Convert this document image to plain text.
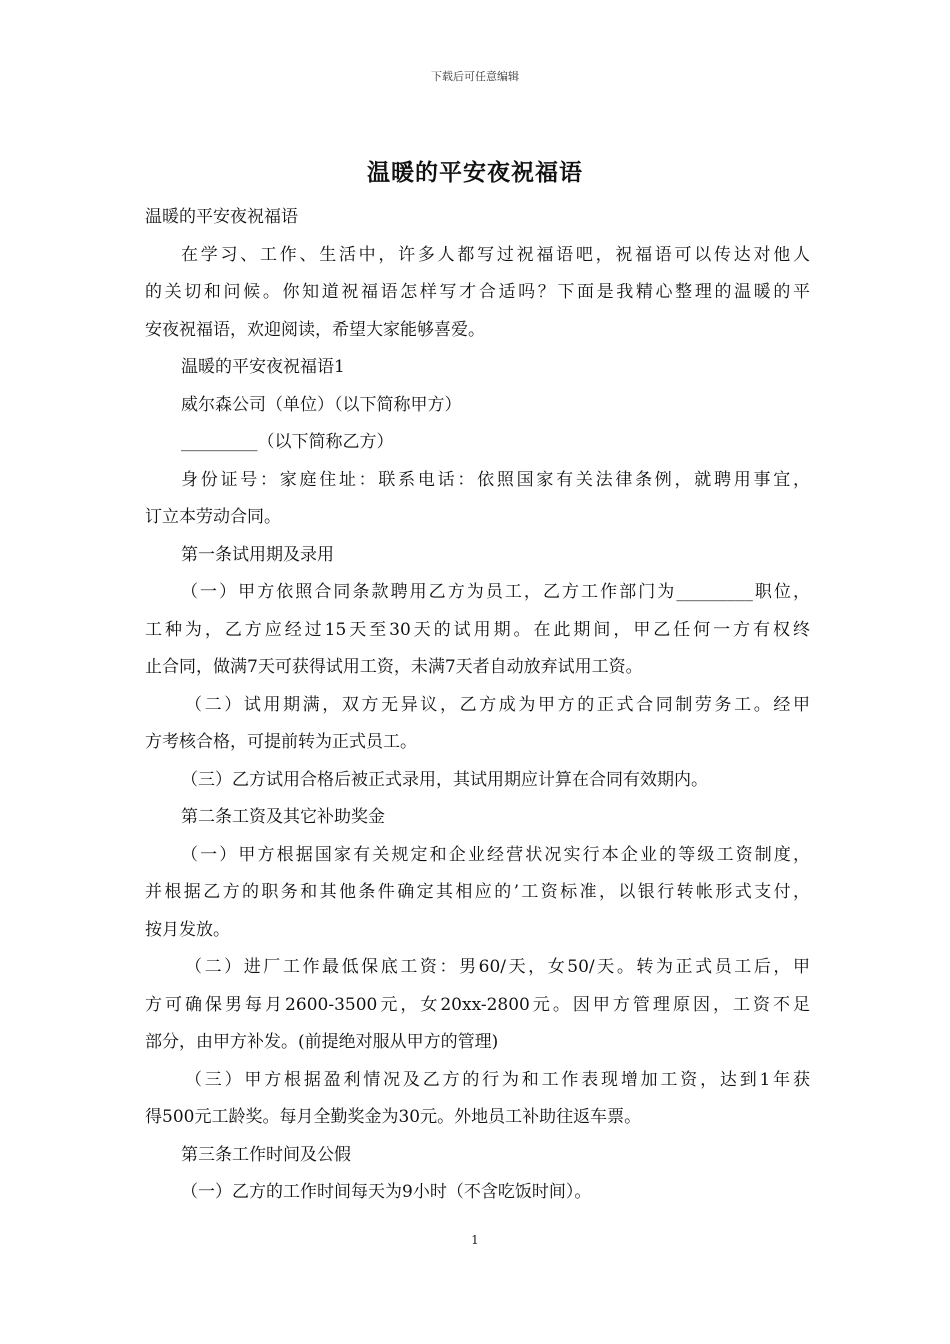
下载后可任意编辑
温暖的平安夜祝福语
温暖的平安夜祝福语
在学习、工作、生活中，许多人都写过祝福语吧，祝福语可以传达对他人
的关切和问候。你知道祝福语怎样写才合适吗？下面是我精心整理的温暖的平
安夜祝福语，欢迎阅读，希望大家能够喜爱。
温暖的平安夜祝福语1
威尔森公司（单位）（以下简称甲方）
_________（以下简称乙方）
身份证号：家庭住址：联系电话：依照国家有关法律条例，就聘用事宜，
订立本劳动合同。
第一条试用期及录用
（一）甲方依照合同条款聘用乙方为员工，乙方工作部门为_________职位，
工种为，乙方应经过15天至30天的试用期。在此期间，甲乙任何一方有权终
止合同，做满7天可获得试用工资，未满7天者自动放弃试用工资。
（二）试用期满，双方无异议，乙方成为甲方的正式合同制劳务工。经甲
方考核合格，可提前转为正式员工。
（三）乙方试用合格后被正式录用，其试用期应计算在合同有效期内。
第二条工资及其它补助奖金
（一）甲方根据国家有关规定和企业经营状况实行本企业的等级工资制度，
并根据乙方的职务和其他条件确定其相应的’工资标准，以银行转帐形式支付，
按月发放。
（二）进厂工作最低保底工资：男60/天，女50/天。转为正式员工后，甲
方可确保男每月2600-3500元，女20xx-2800元。因甲方管理原因，工资不足
部分，由甲方补发。(前提绝对服从甲方的管理)
（三）甲方根据盈利情况及乙方的行为和工作表现增加工资，达到1年获
得500元工龄奖。每月全勤奖金为30元。外地员工补助往返车票。
第三条工作时间及公假
（一）乙方的工作时间每天为9小时（不含吃饭时间）。
1
